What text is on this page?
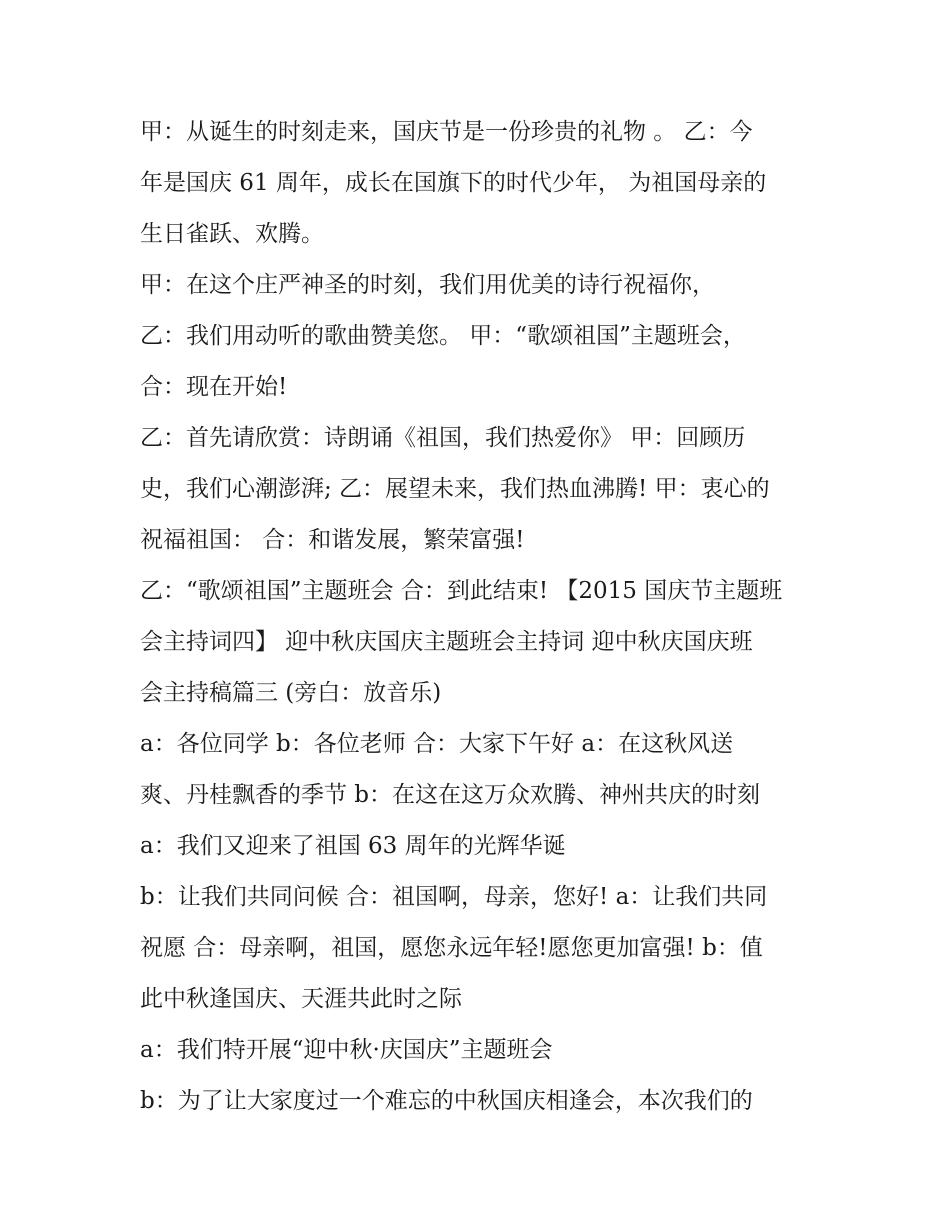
甲：从诞生的时刻走来，国庆节是一份珍贵的礼物 。 乙：今
年是国庆 61 周年，成长在国旗下的时代少年， 为祖国母亲的
生日雀跃、欢腾。

甲：在这个庄严神圣的时刻，我们用优美的诗行祝福你，

乙：我们用动听的歌曲赞美您。 甲：“歌颂祖国”主题班会，

合：现在开始!

乙：首先请欣赏：诗朗诵《祖国，我们热爱你》 甲：回顾历
史，我们心潮澎湃; 乙：展望未来，我们热血沸腾! 甲：衷心的
祝福祖国： 合：和谐发展，繁荣富强!

乙：“歌颂祖国”主题班会 合：到此结束! 【2015 国庆节主题班
会主持词四】 迎中秋庆国庆主题班会主持词 迎中秋庆国庆班
会主持稿篇三 (旁白：放音乐)

a：各位同学 b：各位老师 合：大家下午好 a：在这秋风送
爽、丹桂飘香的季节 b：在这在这万众欢腾、神州共庆的时刻

a：我们又迎来了祖国 63 周年的光辉华诞

b：让我们共同问候 合：祖国啊，母亲，您好! a：让我们共同
祝愿 合：母亲啊，祖国，愿您永远年轻!愿您更加富强! b：值
此中秋逢国庆、天涯共此时之际

a：我们特开展“迎中秋·庆国庆”主题班会

b：为了让大家度过一个难忘的中秋国庆相逢会，本次我们的
